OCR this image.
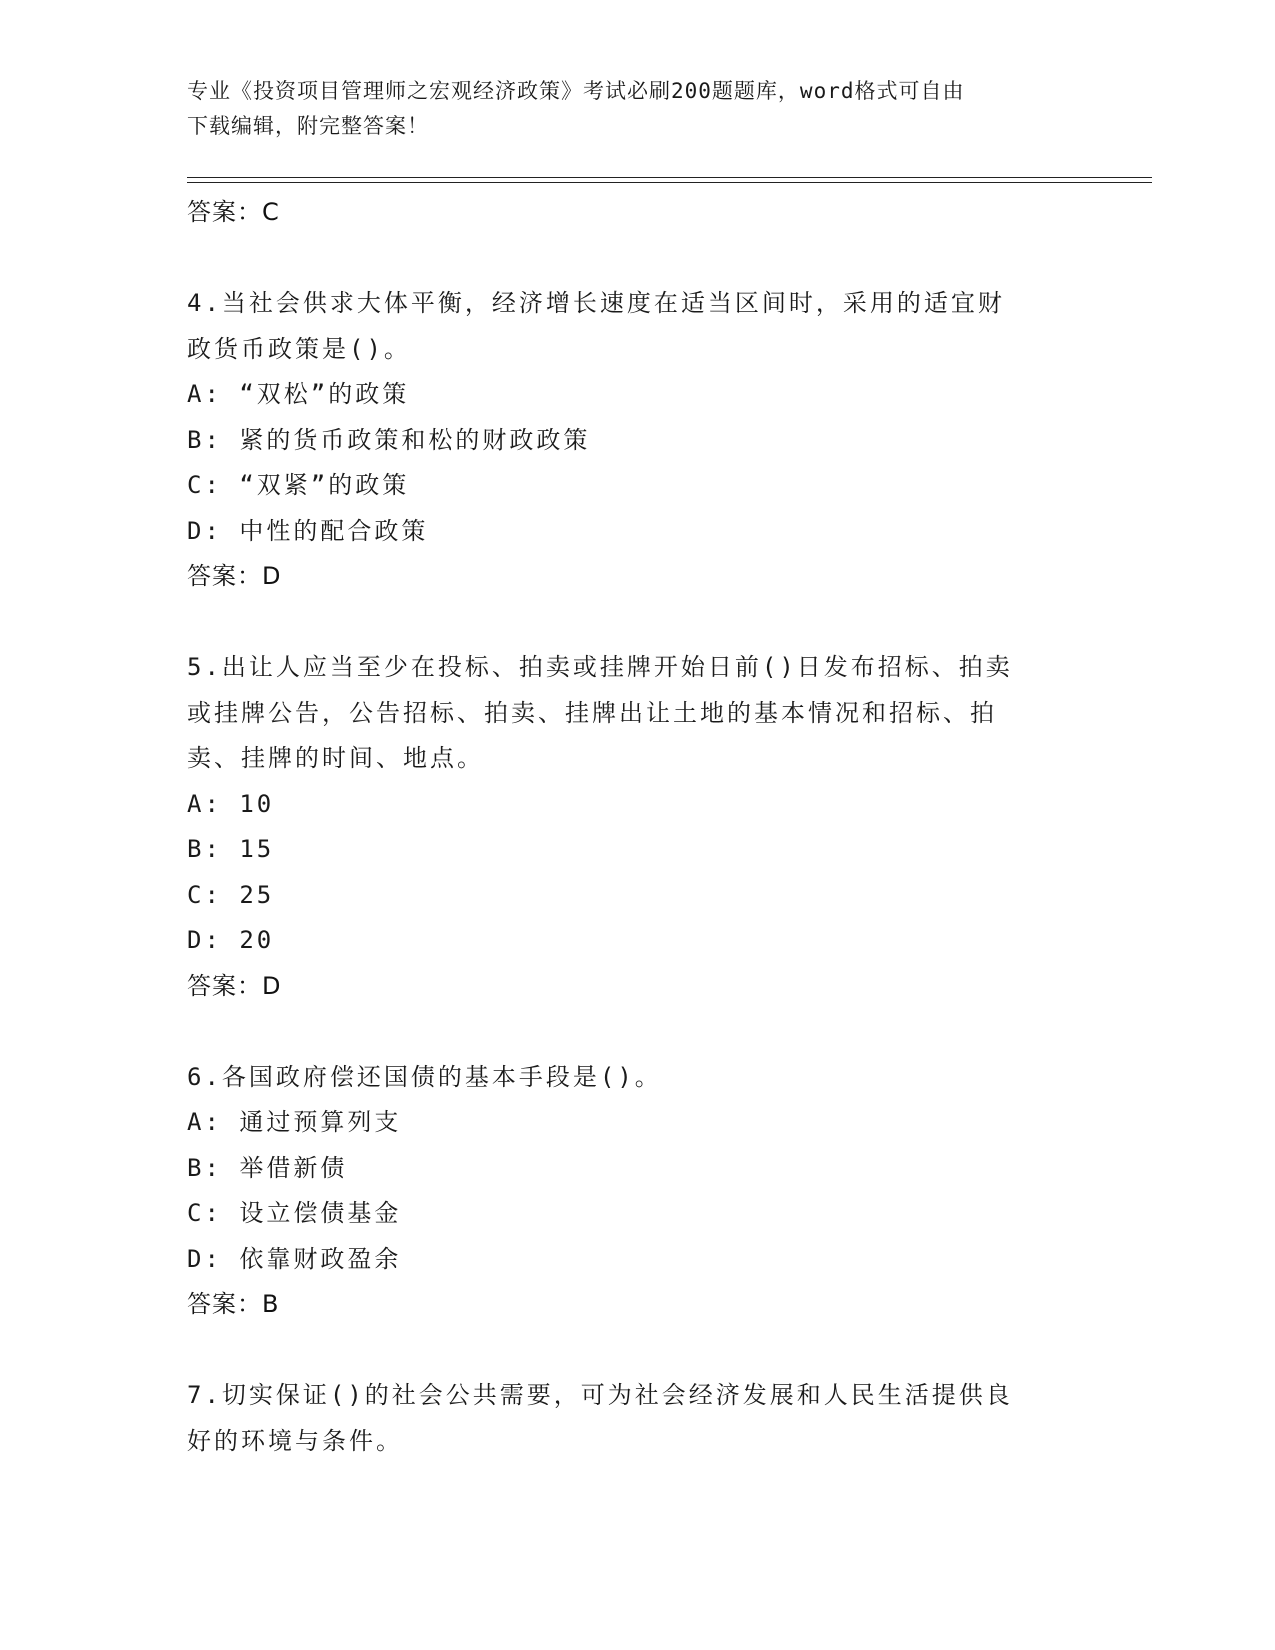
专业《投资项目管理师之宏观经济政策》考试必刷200题题库，word格式可自由
下载编辑，附完整答案！
答案：C
4.当社会供求大体平衡，经济增长速度在适当区间时，采用的适宜财
政货币政策是()。
A: “双松”的政策
B: 紧的货币政策和松的财政政策
C: “双紧”的政策
D: 中性的配合政策
答案：D
5.出让人应当至少在投标、拍卖或挂牌开始日前()日发布招标、拍卖
或挂牌公告，公告招标、拍卖、挂牌出让土地的基本情况和招标、拍
卖、挂牌的时间、地点。
A: 10
B: 15
C: 25
D: 20
答案：D
6.各国政府偿还国债的基本手段是()。
A: 通过预算列支
B: 举借新债
C: 设立偿债基金
D: 依靠财政盈余
答案：B
7.切实保证()的社会公共需要，可为社会经济发展和人民生活提供良
好的环境与条件。
